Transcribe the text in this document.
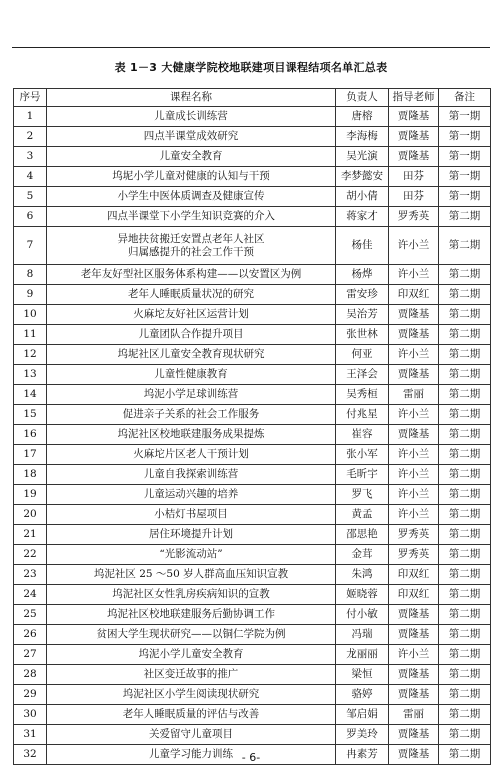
表 1－3 大健康学院校地联建项目课程结项名单汇总表
序号	课程名称	负责人	指导老师	备注
1	儿童成长训练营	唐榕	贾隆基	第一期
2	四点半课堂成效研究	李海梅	贾隆基	第一期
3	儿童安全教育	吴光演	贾隆基	第一期
4	坞坭小学儿童对健康的认知与干预	李梦懿安	田芬	第一期
5	小学生中医体质调查及健康宣传	胡小倩	田芬	第一期
6	四点半课堂下小学生知识竞赛的介入	蒋家才	罗秀英	第二期
7	异地扶贫搬迁安置点老年人社区
归属感提升的社会工作干预	杨佳	许小兰	第二期
8	老年友好型社区服务体系构建——以安置区为例	杨烨	许小兰	第二期
9	老年人睡眠质量状况的研究	雷安珍	印双红	第二期
10	火麻坨友好社区运营计划	吴治芳	贾隆基	第二期
11	儿童团队合作提升项目	张世林	贾隆基	第二期
12	坞坭社区儿童安全教育现状研究	何亚	许小兰	第二期
13	儿童性健康教育	王泽会	贾隆基	第二期
14	坞泥小学足球训练营	吴秀桓	雷丽	第二期
15	促进亲子关系的社会工作服务	付兆星	许小兰	第二期
16	坞泥社区校地联建服务成果提炼	崔容	贾隆基	第二期
17	火麻坨片区老人干预计划	张小军	许小兰	第二期
18	儿童自我探索训练营	毛昕宇	许小兰	第二期
19	儿童运动兴趣的培养	罗飞	许小兰	第二期
20	小桔灯书屋项目	黄孟	许小兰	第二期
21	居住环境提升计划	邵思艳	罗秀英	第二期
22	“光影流动站”	金茸	罗秀英	第二期
23	坞泥社区 25 ～50 岁人群高血压知识宣教	朱鸿	印双红	第二期
24	坞泥社区女性乳房疾病知识的宣教	姬晓蓉	印双红	第二期
25	坞泥社区校地联建服务后勤协调工作	付小敏	贾隆基	第二期
26	贫困大学生现状研究——以铜仁学院为例	冯瑞	贾隆基	第二期
27	坞泥小学儿童安全教育	龙丽丽	许小兰	第二期
28	社区变迁故事的推广	梁恒	贾隆基	第二期
29	坞泥社区小学生阅读现状研究	骆婷	贾隆基	第二期
30	老年人睡眠质量的评估与改善	邹启娟	雷丽	第二期
31	关爱留守儿童项目	罗美玲	贾隆基	第二期
32	儿童学习能力训练	冉素芳	贾隆基	第二期
- 6-
